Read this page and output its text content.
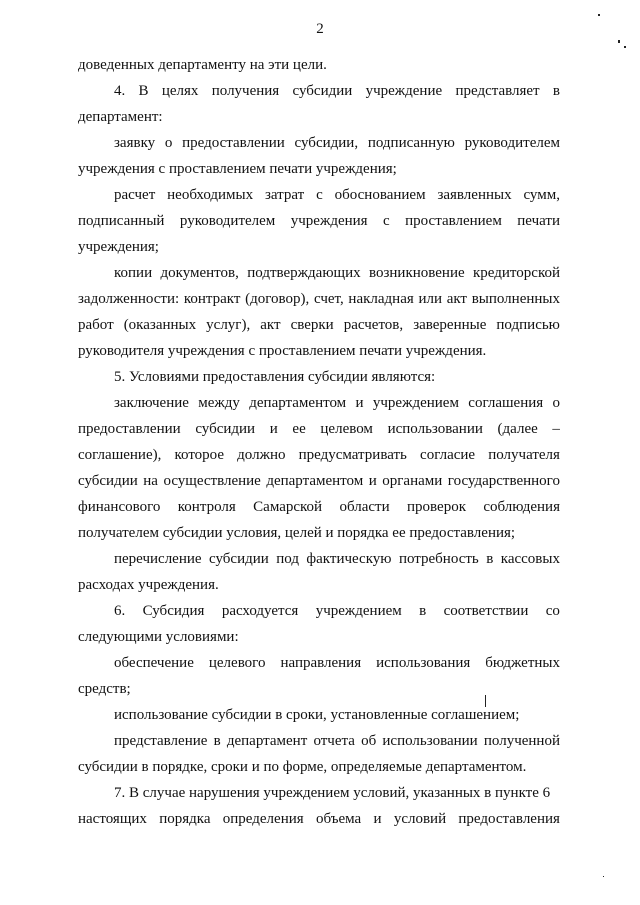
2
доведенных департаменту на эти цели.
4. В целях получения субсидии учреждение представляет в
департамент:
заявку о предоставлении субсидии, подписанную руководителем
учреждения с проставлением печати учреждения;
расчет необходимых затрат с обоснованием заявленных сумм,
подписанный руководителем учреждения с проставлением печати
учреждения;
копии документов, подтверждающих возникновение кредиторской
задолженности: контракт (договор), счет, накладная или акт выполненных
работ (оказанных услуг), акт сверки расчетов, заверенные подписью
руководителя учреждения с проставлением печати учреждения.
5. Условиями предоставления субсидии являются:
заключение между департаментом и учреждением соглашения о
предоставлении субсидии и ее целевом использовании (далее –
соглашение), которое должно предусматривать согласие получателя
субсидии на осуществление департаментом и органами государственного
финансового контроля Самарской области проверок соблюдения
получателем субсидии условия, целей и порядка ее предоставления;
перечисление субсидии под фактическую потребность в кассовых
расходах учреждения.
6. Субсидия расходуется учреждением в соответствии со
следующими условиями:
обеспечение целевого направления использования бюджетных
средств;
использование субсидии в сроки, установленные соглашением;
представление в департамент отчета об использовании полученной
субсидии в порядке, сроки и по форме, определяемые департаментом.
7. В случае нарушения учреждением условий, указанных в пункте 6
настоящих порядка определения объема и условий предоставления
